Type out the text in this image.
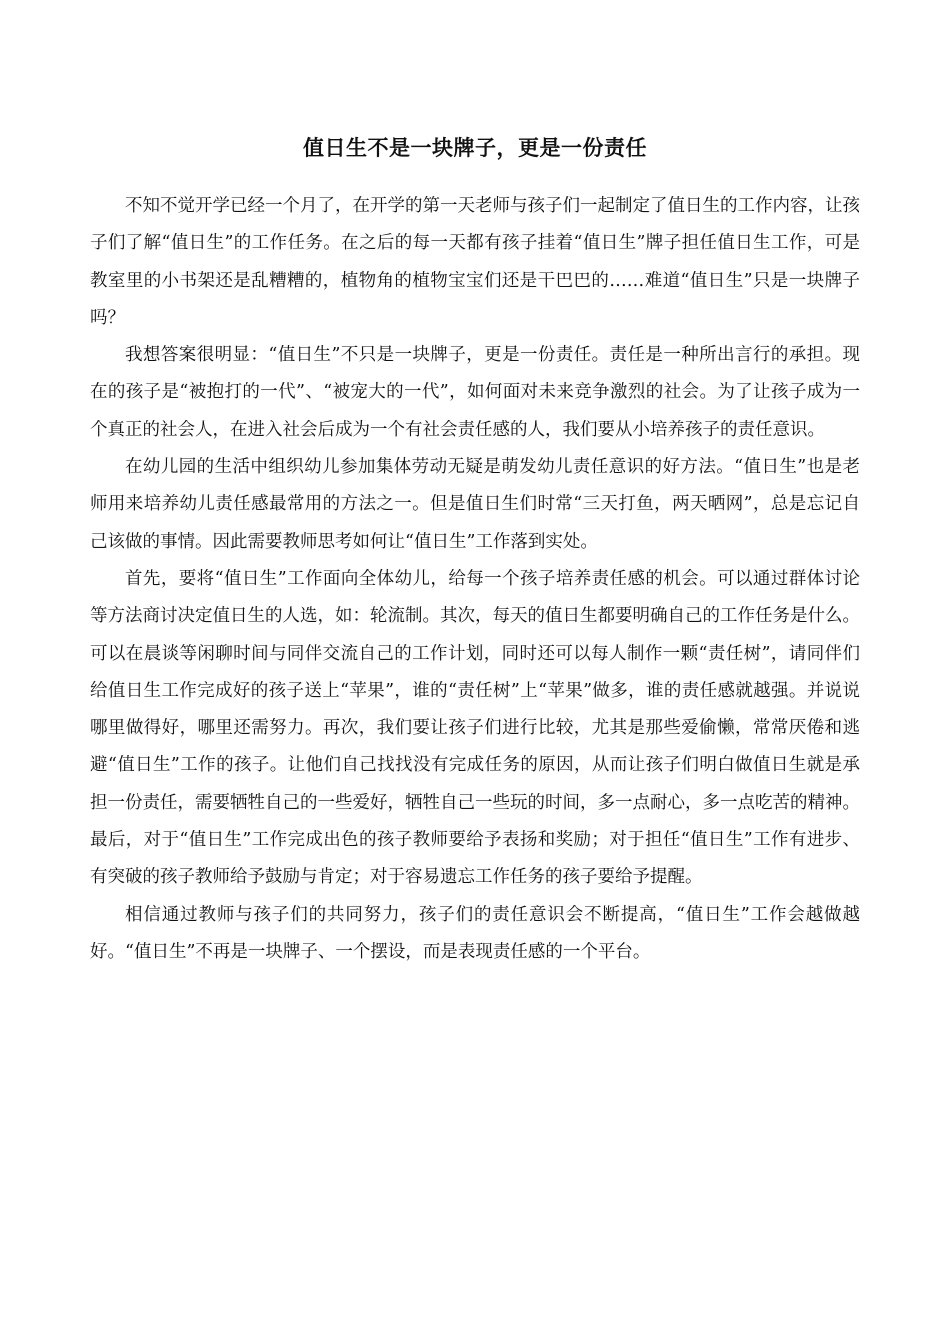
值日生不是一块牌子，更是一份责任

不知不觉开学已经一个月了，在开学的第一天老师与孩子们一起制定了值日生的工作内容，让孩子们了解“值日生”的工作任务。在之后的每一天都有孩子挂着“值日生”牌子担任值日生工作，可是教室里的小书架还是乱糟糟的，植物角的植物宝宝们还是干巴巴的……难道“值日生”只是一块牌子吗？

我想答案很明显：“值日生”不只是一块牌子，更是一份责任。责任是一种所出言行的承担。现在的孩子是“被抱打的一代”、“被宠大的一代”，如何面对未来竞争激烈的社会。为了让孩子成为一个真正的社会人，在进入社会后成为一个有社会责任感的人，我们要从小培养孩子的责任意识。

在幼儿园的生活中组织幼儿参加集体劳动无疑是萌发幼儿责任意识的好方法。“值日生”也是老师用来培养幼儿责任感最常用的方法之一。但是值日生们时常“三天打鱼，两天晒网”，总是忘记自己该做的事情。因此需要教师思考如何让“值日生”工作落到实处。

首先，要将“值日生”工作面向全体幼儿，给每一个孩子培养责任感的机会。可以通过群体讨论等方法商讨决定值日生的人选，如：轮流制。其次，每天的值日生都要明确自己的工作任务是什么。可以在晨谈等闲聊时间与同伴交流自己的工作计划，同时还可以每人制作一颗“责任树”，请同伴们给值日生工作完成好的孩子送上“苹果”，谁的“责任树”上“苹果”做多，谁的责任感就越强。并说说哪里做得好，哪里还需努力。再次，我们要让孩子们进行比较，尤其是那些爱偷懒，常常厌倦和逃避“值日生”工作的孩子。让他们自己找找没有完成任务的原因，从而让孩子们明白做值日生就是承担一份责任，需要牺牲自己的一些爱好，牺牲自己一些玩的时间，多一点耐心，多一点吃苦的精神。最后，对于“值日生”工作完成出色的孩子教师要给予表扬和奖励；对于担任“值日生”工作有进步、有突破的孩子教师给予鼓励与肯定；对于容易遗忘工作任务的孩子要给予提醒。

相信通过教师与孩子们的共同努力，孩子们的责任意识会不断提高，“值日生”工作会越做越好。“值日生”不再是一块牌子、一个摆设，而是表现责任感的一个平台。
